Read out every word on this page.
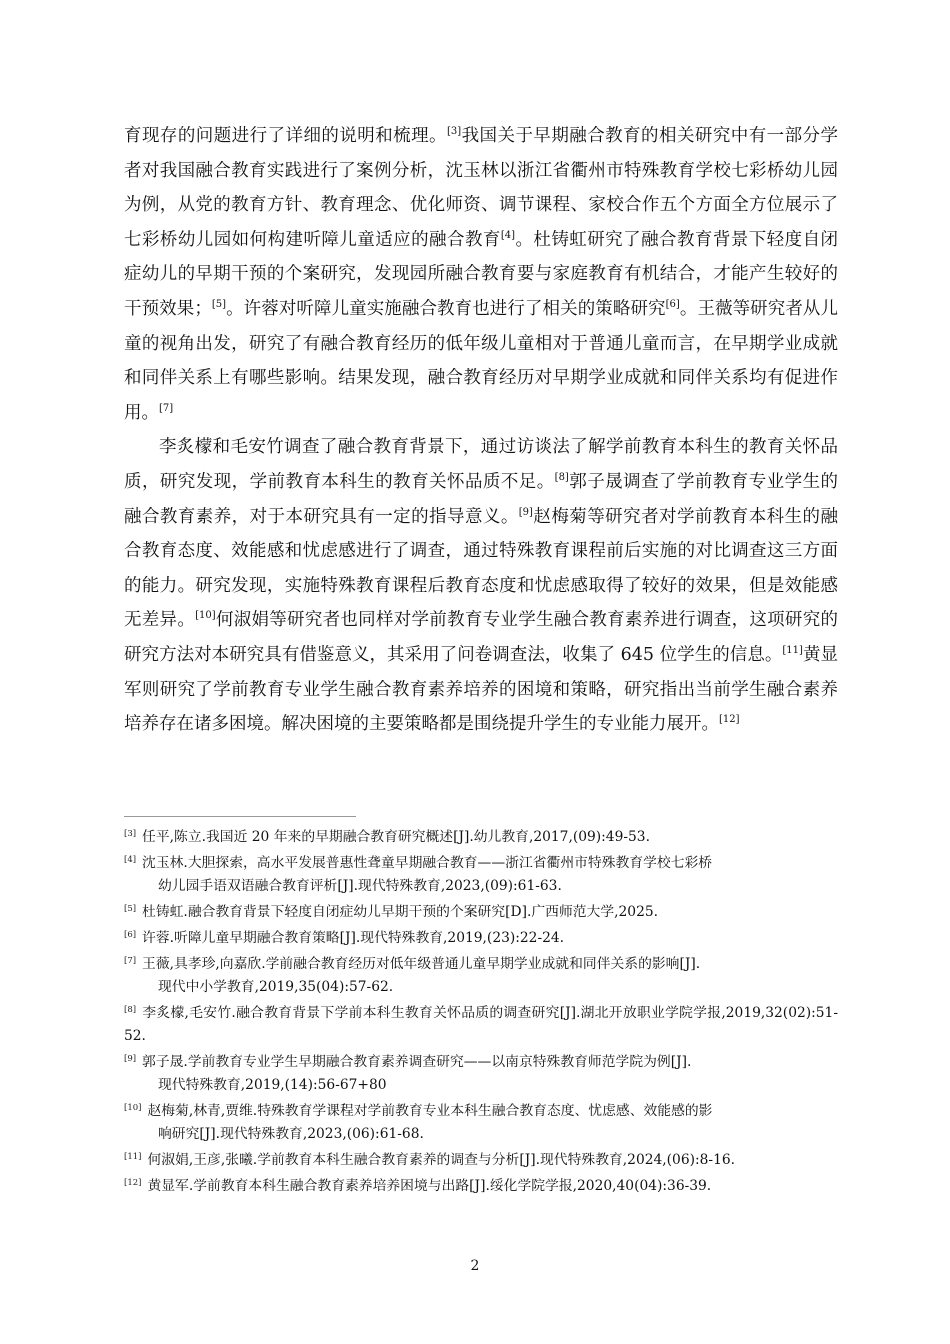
育现存的问题进行了详细的说明和梳理。[3]我国关于早期融合教育的相关研究中有一部分学者对我国融合教育实践进行了案例分析，沈玉林以浙江省衢州市特殊教育学校七彩桥幼儿园为例，从党的教育方针、教育理念、优化师资、调节课程、家校合作五个方面全方位展示了七彩桥幼儿园如何构建听障儿童适应的融合教育[4]。杜铸虹研究了融合教育背景下轻度自闭症幼儿的早期干预的个案研究，发现园所融合教育要与家庭教育有机结合，才能产生较好的干预效果；[5]。许蓉对听障儿童实施融合教育也进行了相关的策略研究[6]。王薇等研究者从儿童的视角出发，研究了有融合教育经历的低年级儿童相对于普通儿童而言，在早期学业成就和同伴关系上有哪些影响。结果发现，融合教育经历对早期学业成就和同伴关系均有促进作用。[7]

李炙檬和毛安竹调查了融合教育背景下，通过访谈法了解学前教育本科生的教育关怀品质，研究发现，学前教育本科生的教育关怀品质不足。[8]郭子晟调查了学前教育专业学生的融合教育素养，对于本研究具有一定的指导意义。[9]赵梅菊等研究者对学前教育本科生的融合教育态度、效能感和忧虑感进行了调查，通过特殊教育课程前后实施的对比调查这三方面的能力。研究发现，实施特殊教育课程后教育态度和忧虑感取得了较好的效果，但是效能感无差异。[10]何淑娟等研究者也同样对学前教育专业学生融合教育素养进行调查，这项研究的研究方法对本研究具有借鉴意义，其采用了问卷调查法，收集了 645 位学生的信息。[11]黄显军则研究了学前教育专业学生融合教育素养培养的困境和策略，研究指出当前学生融合素养培养存在诸多困境。解决困境的主要策略都是围绕提升学生的专业能力展开。[12]

[3] 任平,陈立.我国近 20 年来的早期融合教育研究概述[J].幼儿教育,2017,(09):49-53.
[4] 沈玉林.大胆探索，高水平发展普惠性聋童早期融合教育——浙江省衢州市特殊教育学校七彩桥
幼儿园手语双语融合教育评析[J].现代特殊教育,2023,(09):61-63.
[5] 杜铸虹.融合教育背景下轻度自闭症幼儿早期干预的个案研究[D].广西师范大学,2025.
[6] 许蓉.听障儿童早期融合教育策略[J].现代特殊教育,2019,(23):22-24.
[7] 王薇,具孝珍,向嘉欣.学前融合教育经历对低年级普通儿童早期学业成就和同伴关系的影响[J].
现代中小学教育,2019,35(04):57-62.
[8] 李炙檬,毛安竹.融合教育背景下学前本科生教育关怀品质的调查研究[J].湖北开放职业学院学报,2019,32(02):51-52.
[9] 郭子晟.学前教育专业学生早期融合教育素养调查研究——以南京特殊教育师范学院为例[J].
现代特殊教育,2019,(14):56-67+80
[10] 赵梅菊,林青,贾维.特殊教育学课程对学前教育专业本科生融合教育态度、忧虑感、效能感的影
响研究[J].现代特殊教育,2023,(06):61-68.
[11] 何淑娟,王彦,张曦.学前教育本科生融合教育素养的调查与分析[J].现代特殊教育,2024,(06):8-16.
[12] 黄显军.学前教育本科生融合教育素养培养困境与出路[J].绥化学院学报,2020,40(04):36-39.
2
